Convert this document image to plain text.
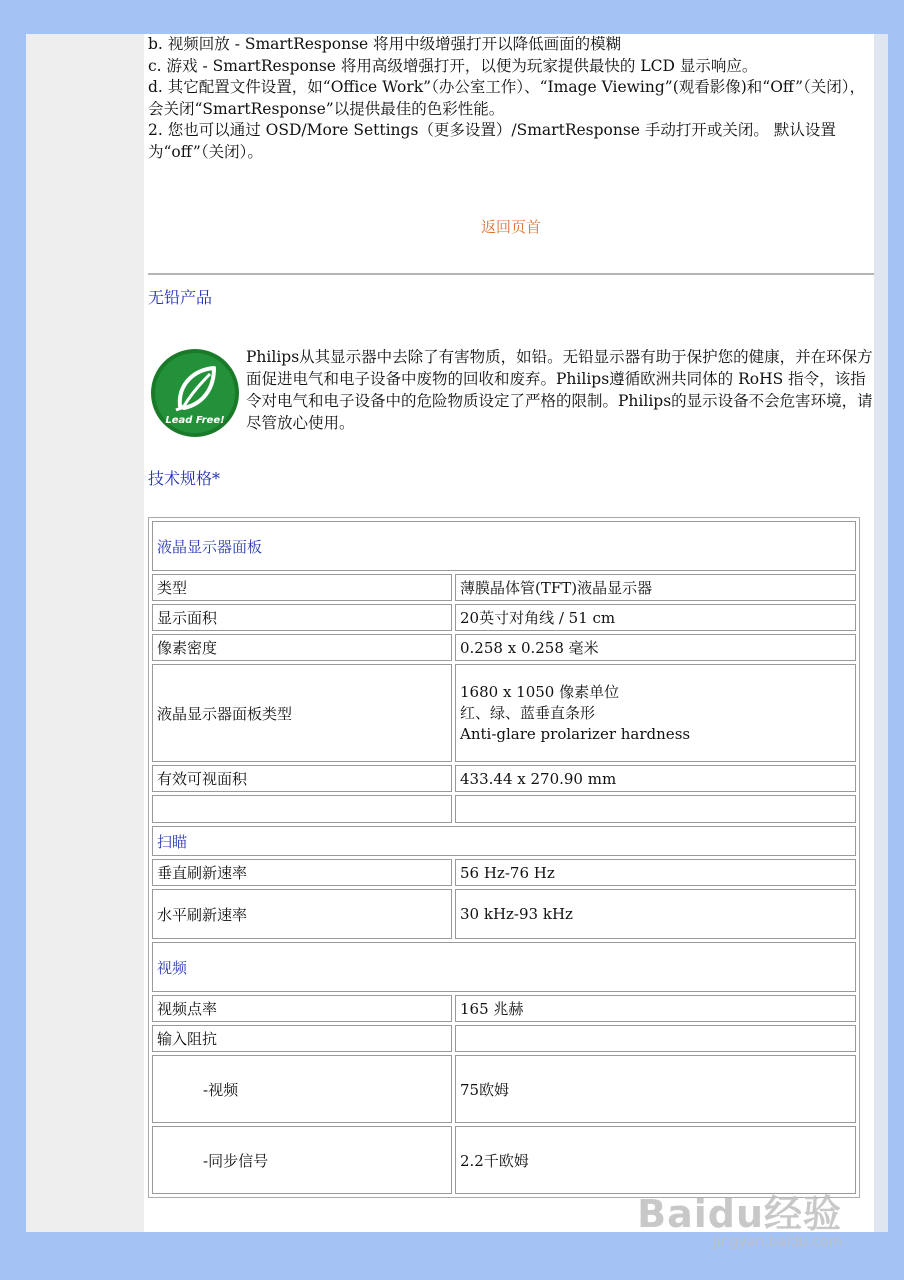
b. 视频回放 - SmartResponse 将用中级增强打开以降低画面的模糊

c. 游戏 - SmartResponse 将用高级增强打开，以便为玩家提供最快的 LCD 显示响应。

d. 其它配置文件设置，如“Office Work”（办公室工作）、“Image Viewing”(观看影像)和“Off”（关闭），会关闭“SmartResponse”以提供最佳的色彩性能。

2. 您也可以通过 OSD/More Settings（更多设置）/SmartResponse 手动打开或关闭。 默认设置为“off”（关闭）。

返回页首
无铅产品
Lead Free!
Philips从其显示器中去除了有害物质，如铅。无铅显示器有助于保护您的健康，并在环保方面促进电气和电子设备中废物的回收和废弃。Philips遵循欧洲共同体的 RoHS 指令，该指令对电气和电子设备中的危险物质设定了严格的限制。Philips的显示设备不会危害环境，请尽管放心使用。
技术规格*
液晶显示器面板	
类型	薄膜晶体管(TFT)液晶显示器
显示面积	20英寸对角线 / 51 cm
像素密度	0.258 x 0.258 毫米
液晶显示器面板类型	1680 x 1050 像素单位
红、绿、蓝垂直条形
Anti-glare prolarizer hardness

有效可视面积	433.44 x 270.90 mm

扫瞄	
垂直刷新速率	56 Hz-76 Hz
水平刷新速率	30 kHz-93 kHz
视频	
视频点率	165 兆赫
输入阻抗	
-视频	75欧姆
-同步信号	2.2千欧姆
Baidu经验
jingyan.baidu.com
